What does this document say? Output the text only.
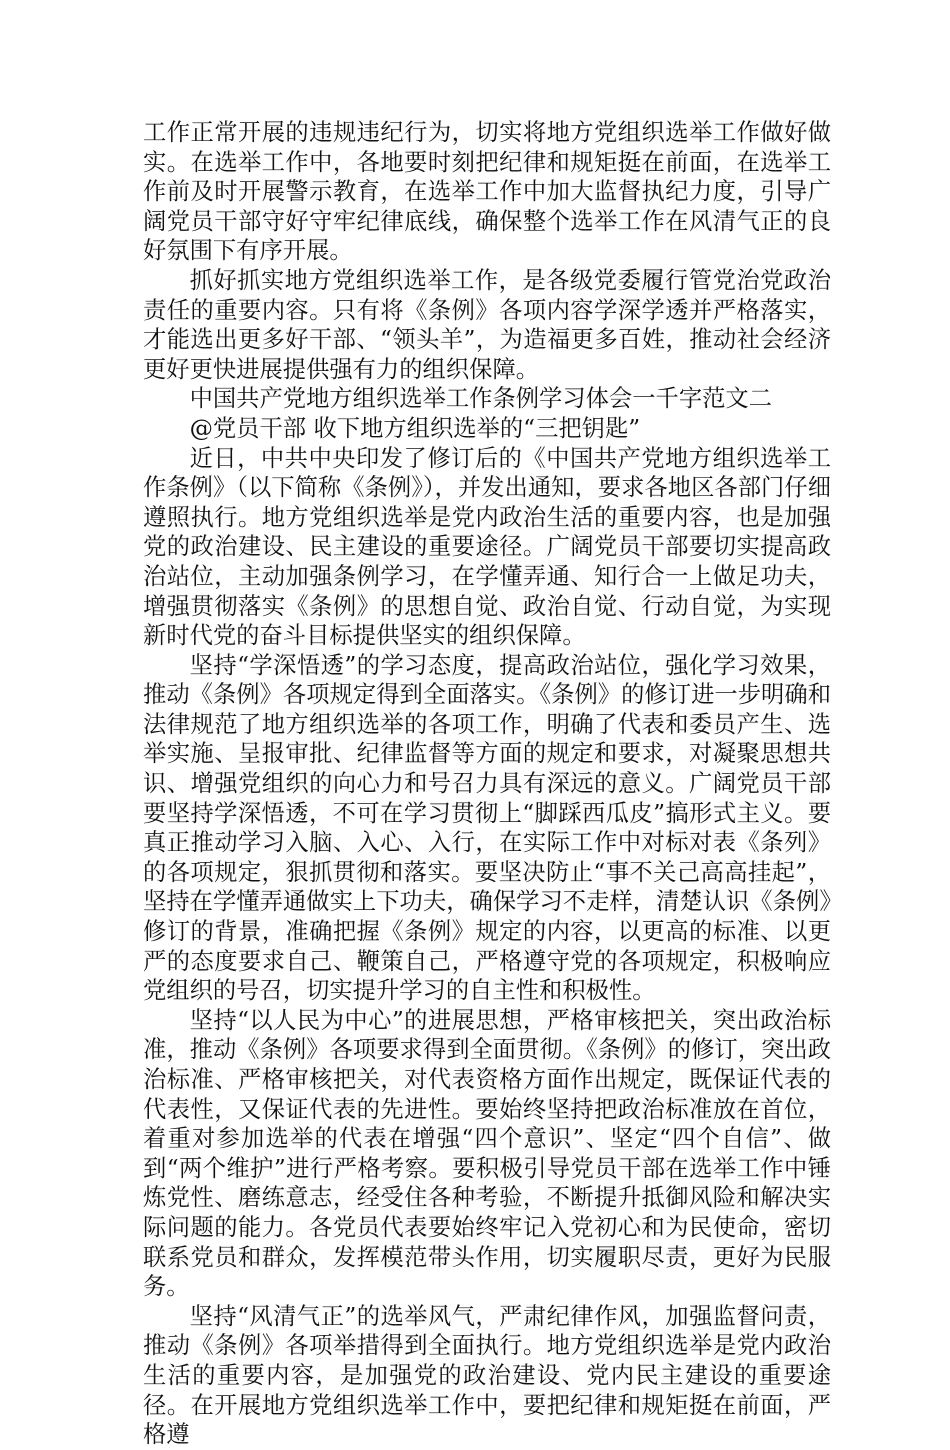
工作正常开展的违规违纪行为，切实将地方党组织选举工作做好做实。在选举工作中，各地要时刻把纪律和规矩挺在前面，在选举工作前及时开展警示教育，在选举工作中加大监督执纪力度，引导广阔党员干部守好守牢纪律底线，确保整个选举工作在风清气正的良好氛围下有序开展。

抓好抓实地方党组织选举工作，是各级党委履行管党治党政治责任的重要内容。只有将《条例》各项内容学深学透并严格落实，才能选出更多好干部、“领头羊”，为造福更多百姓，推动社会经济更好更快进展提供强有力的组织保障。

中国共产党地方组织选举工作条例学习体会一千字范文二

@党员干部 收下地方组织选举的“三把钥匙”

近日，中共中央印发了修订后的《中国共产党地方组织选举工作条例》（以下简称《条例》），并发出通知，要求各地区各部门仔细遵照执行。地方党组织选举是党内政治生活的重要内容，也是加强党的政治建设、民主建设的重要途径。广阔党员干部要切实提高政治站位，主动加强条例学习，在学懂弄通、知行合一上做足功夫，增强贯彻落实《条例》的思想自觉、政治自觉、行动自觉，为实现新时代党的奋斗目标提供坚实的组织保障。

坚持“学深悟透”的学习态度，提高政治站位，强化学习效果，推动《条例》各项规定得到全面落实。《条例》的修订进一步明确和法律规范了地方组织选举的各项工作，明确了代表和委员产生、选举实施、呈报审批、纪律监督等方面的规定和要求，对凝聚思想共识、增强党组织的向心力和号召力具有深远的意义。广阔党员干部要坚持学深悟透，不可在学习贯彻上“脚踩西瓜皮”搞形式主义。要真正推动学习入脑、入心、入行，在实际工作中对标对表《条列》的各项规定，狠抓贯彻和落实。要坚决防止“事不关己高高挂起”，坚持在学懂弄通做实上下功夫，确保学习不走样，清楚认识《条例》修订的背景，准确把握《条例》规定的内容，以更高的标准、以更严的态度要求自己、鞭策自己，严格遵守党的各项规定，积极响应党组织的号召，切实提升学习的自主性和积极性。

坚持“以人民为中心”的进展思想，严格审核把关，突出政治标准，推动《条例》各项要求得到全面贯彻。《条例》的修订，突出政治标准、严格审核把关，对代表资格方面作出规定，既保证代表的代表性，又保证代表的先进性。要始终坚持把政治标准放在首位，着重对参加选举的代表在增强“四个意识”、坚定“四个自信”、做到“两个维护”进行严格考察。要积极引导党员干部在选举工作中锤炼党性、磨练意志，经受住各种考验，不断提升抵御风险和解决实际问题的能力。各党员代表要始终牢记入党初心和为民使命，密切联系党员和群众，发挥模范带头作用，切实履职尽责，更好为民服务。

坚持“风清气正”的选举风气，严肃纪律作风，加强监督问责，推动《条例》各项举措得到全面执行。地方党组织选举是党内政治生活的重要内容，是加强党的政治建设、党内民主建设的重要途径。在开展地方党组织选举工作中，要把纪律和规矩挺在前面，严格遵
